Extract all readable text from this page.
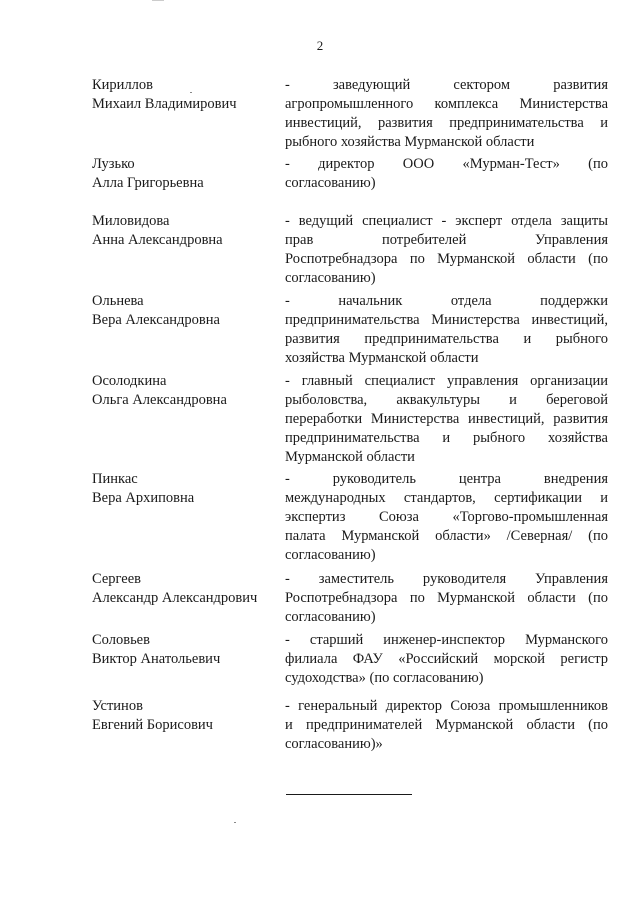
2
Кириллов
Михаил Владимирович
- заведующий сектором развития
агропромышленного комплекса Министерства
инвестиций, развития предпринимательства и
рыбного хозяйства Мурманской области
Лузько
Алла Григорьевна
- директор ООО «Мурман-Тест» (по
согласованию)
Миловидова
Анна Александровна
- ведущий специалист - эксперт отдела защиты
прав потребителей Управления
Роспотребнадзора по Мурманской области (по
согласованию)
Ольнева
Вера Александровна
- начальник отдела поддержки
предпринимательства Министерства инвестиций,
развития предпринимательства и рыбного
хозяйства Мурманской области
Осолодкина
Ольга Александровна
- главный специалист управления организации
рыболовства, аквакультуры и береговой
переработки Министерства инвестиций, развития
предпринимательства и рыбного хозяйства
Мурманской области
Пинкас
Вера Архиповна
- руководитель центра внедрения
международных стандартов, сертификации и
экспертиз Союза «Торгово-промышленная
палата Мурманской области» /Северная/ (по
согласованию)
Сергеев
Александр Александрович
- заместитель руководителя Управления
Роспотребнадзора по Мурманской области (по
согласованию)
Соловьев
Виктор Анатольевич
- старший инженер-инспектор Мурманского
филиала ФАУ «Российский морской регистр
судоходства» (по согласованию)
Устинов
Евгений Борисович
- генеральный директор Союза промышленников
и предпринимателей Мурманской области (по
согласованию)»
